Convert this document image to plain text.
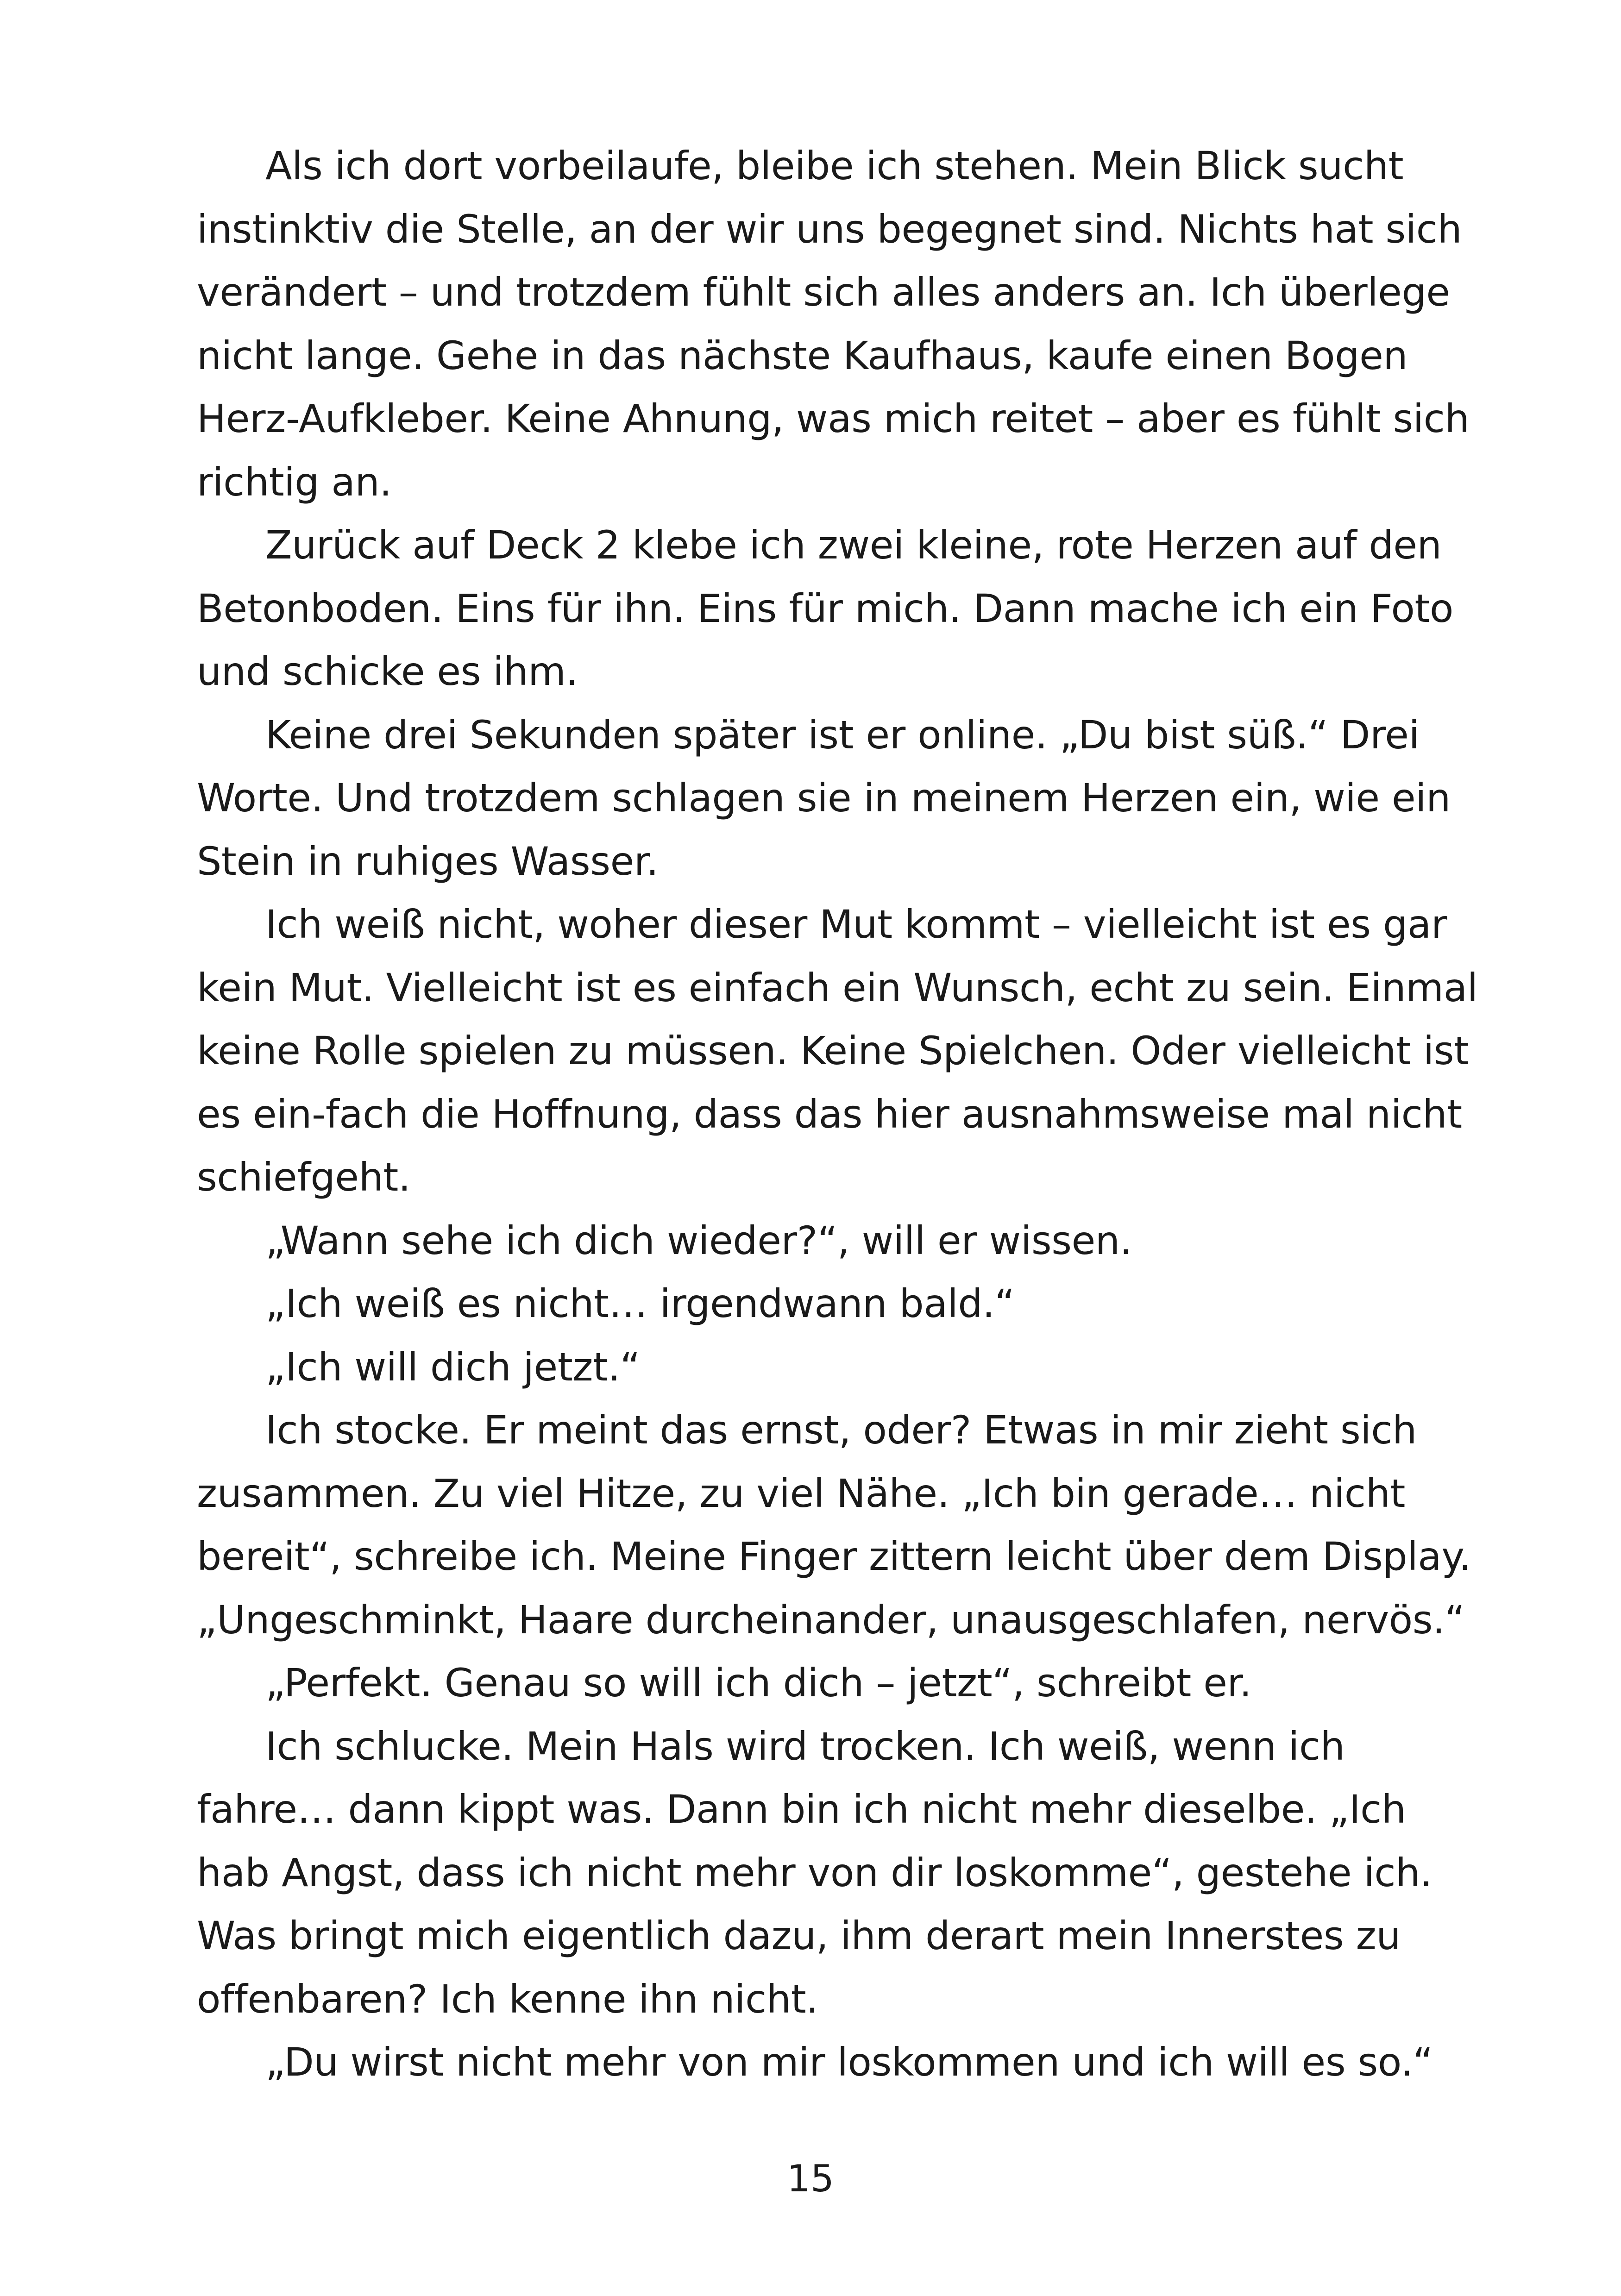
Als ich dort vorbeilaufe, bleibe ich stehen. Mein Blick sucht
instinktiv die Stelle, an der wir uns begegnet sind. Nichts hat sich
verändert – und trotzdem fühlt sich alles anders an. Ich überlege
nicht lange. Gehe in das nächste Kaufhaus, kaufe einen Bogen
Herz-Aufkleber. Keine Ahnung, was mich reitet – aber es fühlt sich
richtig an.
Zurück auf Deck 2 klebe ich zwei kleine, rote Herzen auf den
Betonboden. Eins für ihn. Eins für mich. Dann mache ich ein Foto
und schicke es ihm.
Keine drei Sekunden später ist er online. „Du bist süß.“ Drei
Worte. Und trotzdem schlagen sie in meinem Herzen ein, wie ein
Stein in ruhiges Wasser.
Ich weiß nicht, woher dieser Mut kommt – vielleicht ist es gar
kein Mut. Vielleicht ist es einfach ein Wunsch, echt zu sein. Einmal
keine Rolle spielen zu müssen. Keine Spielchen. Oder vielleicht ist
es ein-fach die Hoffnung, dass das hier ausnahmsweise mal nicht
schiefgeht.
„Wann sehe ich dich wieder?“, will er wissen.
„Ich weiß es nicht… irgendwann bald.“
„Ich will dich jetzt.“
Ich stocke. Er meint das ernst, oder? Etwas in mir zieht sich
zusammen. Zu viel Hitze, zu viel Nähe. „Ich bin gerade… nicht
bereit“, schreibe ich. Meine Finger zittern leicht über dem Display.
„Ungeschminkt, Haare durcheinander, unausgeschlafen, nervös.“
„Perfekt. Genau so will ich dich – jetzt“, schreibt er.
Ich schlucke. Mein Hals wird trocken. Ich weiß, wenn ich
fahre… dann kippt was. Dann bin ich nicht mehr dieselbe. „Ich
hab Angst, dass ich nicht mehr von dir loskomme“, gestehe ich.
Was bringt mich eigentlich dazu, ihm derart mein Innerstes zu
offenbaren? Ich kenne ihn nicht.
„Du wirst nicht mehr von mir loskommen und ich will es so.“
15
